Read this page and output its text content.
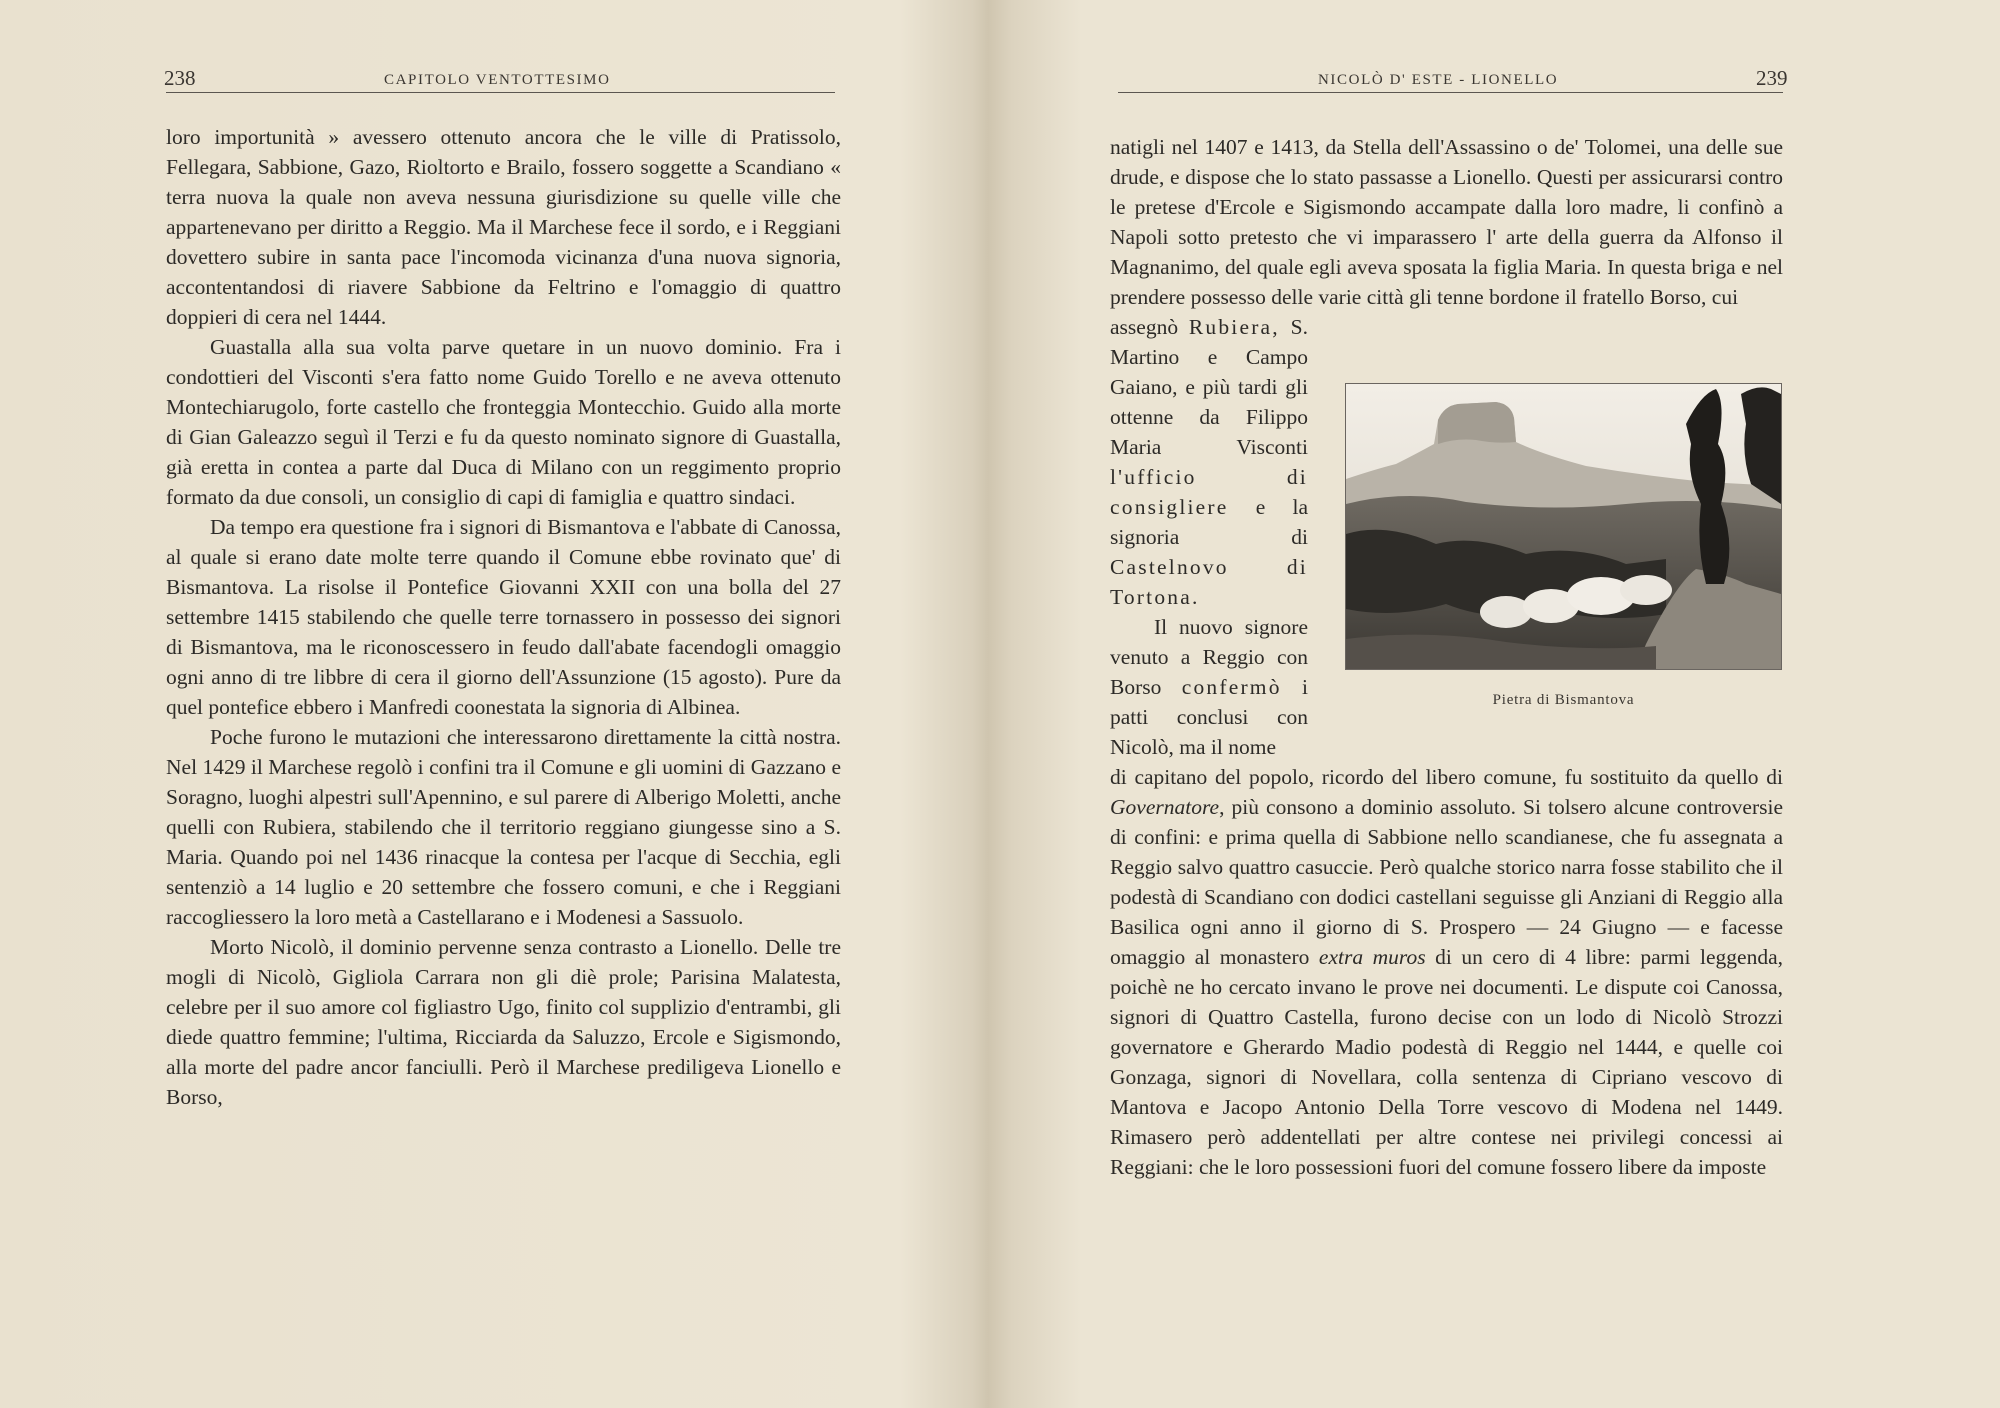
238	CAPITOLO VENTOTTESIMO

loro importunità » avessero ottenuto ancora che le ville di Pratissolo, Fellegara, Sabbione, Gazo, Rioltorto e Brailo, fossero soggette a Scandiano « terra nuova la quale non aveva nessuna giurisdizione su quelle ville che appartenevano per diritto a Reggio. Ma il Marchese fece il sordo, e i Reggiani dovettero subire in santa pace l'incomoda vicinanza d'una nuova signoria, accontentandosi di riavere Sabbione da Feltrino e l'omaggio di quattro doppieri di cera nel 1444.

Guastalla alla sua volta parve quetare in un nuovo dominio. Fra i condottieri del Visconti s'era fatto nome Guido Torello e ne aveva ottenuto Montechiarugolo, forte castello che fronteggia Montecchio. Guido alla morte di Gian Galeazzo seguì il Terzi e fu da questo nominato signore di Guastalla, già eretta in contea a parte dal Duca di Milano con un reggimento proprio formato da due consoli, un consiglio di capi di famiglia e quattro sindaci.

Da tempo era questione fra i signori di Bismantova e l'abbate di Canossa, al quale si erano date molte terre quando il Comune ebbe rovinato que' di Bismantova. La risolse il Pontefice Giovanni XXII con una bolla del 27 settembre 1415 stabilendo che quelle terre tornassero in possesso dei signori di Bismantova, ma le riconoscessero in feudo dall'abate facendogli omaggio ogni anno di tre libbre di cera il giorno dell'Assunzione (15 agosto). Pure da quel pontefice ebbero i Manfredi coonestata la signoria di Albinea.

Poche furono le mutazioni che interessarono direttamente la città nostra. Nel 1429 il Marchese regolò i confini tra il Comune e gli uomini di Gazzano e Soragno, luoghi alpestri sull'Apennino, e sul parere di Alberigo Moletti, anche quelli con Rubiera, stabilendo che il territorio reggiano giungesse sino a S. Maria. Quando poi nel 1436 rinacque la contesa per l'acque di Secchia, egli sentenziò a 14 luglio e 20 settembre che fossero comuni, e che i Reggiani raccogliessero la loro metà a Castellarano e i Modenesi a Sassuolo.

Morto Nicolò, il dominio pervenne senza contrasto a Lionello. Delle tre mogli di Nicolò, Gigliola Carrara non gli diè prole; Parisina Malatesta, celebre per il suo amore col figliastro Ugo, finito col supplizio d'entrambi, gli diede quattro femmine; l'ultima, Ricciarda da Saluzzo, Ercole e Sigismondo, alla morte del padre ancor fanciulli. Però il Marchese prediligeva Lionello e Borso,

NICOLÒ D' ESTE - LIONELLO	239

natigli nel 1407 e 1413, da Stella dell'Assassino o de' Tolomei, una delle sue drude, e dispose che lo stato passasse a Lionello. Questi per assicurarsi contro le pretese d'Ercole e Sigismondo accampate dalla loro madre, li confinò a Napoli sotto pretesto che vi imparassero l' arte della guerra da Alfonso il Magnanimo, del quale egli aveva sposata la figlia Maria. In questa briga e nel prendere possesso delle varie città gli tenne bordone il fratello Borso, cui

assegnò Rubiera, S. Martino e Campo Gaiano, e più tardi gli ottenne da Filippo Maria Visconti l'ufficio di consigliere e la signoria di Castelnovo di Tortona.

Il nuovo signore venuto a Reggio con Borso confermò i patti conclusi con Nicolò, ma il nome

di capitano del popolo, ricordo del libero comune, fu sostituito da quello di Governatore, più consono a dominio assoluto. Si tolsero alcune controversie di confini: e prima quella di Sabbione nello scandianese, che fu assegnata a Reggio salvo quattro casuccie. Però qualche storico narra fosse stabilito che il podestà di Scandiano con dodici castellani seguisse gli Anziani di Reggio alla Basilica ogni anno il giorno di S. Prospero — 24 Giugno — e facesse omaggio al monastero extra muros di un cero di 4 libre: parmi leggenda, poichè ne ho cercato invano le prove nei documenti. Le dispute coi Canossa, signori di Quattro Castella, furono decise con un lodo di Nicolò Strozzi governatore e Gherardo Madio podestà di Reggio nel 1444, e quelle coi Gonzaga, signori di Novellara, colla sentenza di Cipriano vescovo di Mantova e Jacopo Antonio Della Torre vescovo di Modena nel 1449. Rimasero però addentellati per altre contese nei privilegi concessi ai Reggiani: che le loro possessioni fuori del comune fossero libere da imposte

Pietra di Bismantova
